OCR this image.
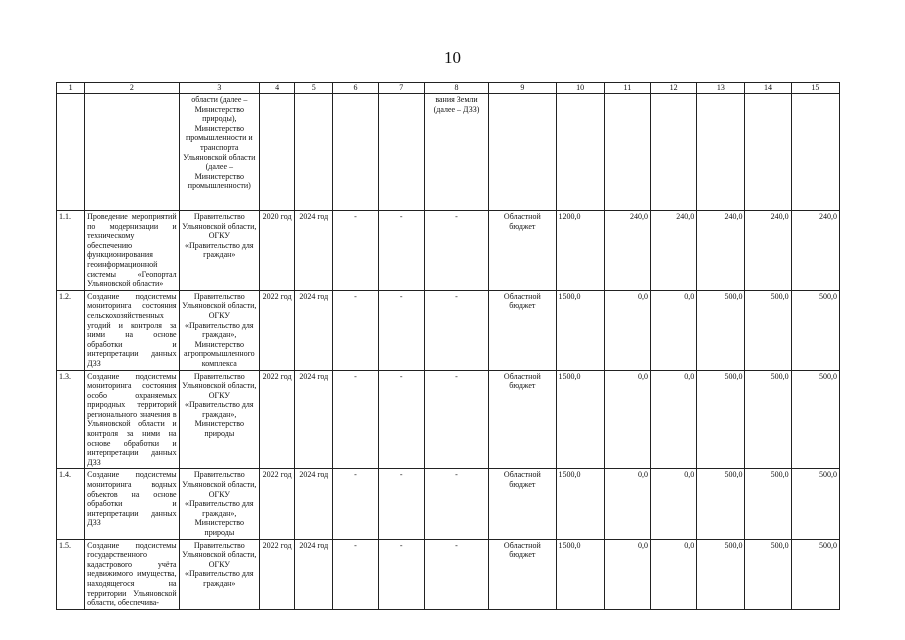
10
1	2	3	4	5	6	7	8	9	10	11	12	13	14	15
		области (далее – Министерство природы), Министерство промышленности и транспорта Ульяновской области (далее – Министерство промышленности)					вания Земли (далее – ДЗЗ)							
1.1.	Проведение мероприятий по модернизации и техническому обеспечению функционирования геоинформационной системы «Геопортал Ульяновской области»	Правительство Ульяновской области, ОГКУ «Правительство для граждан»	2020 год	2024 год	-	-	-	Областной бюджет	1200,0	240,0	240,0	240,0	240,0	240,0
1.2.	Создание подсистемы мониторинга состояния сельскохозяйственных угодий и контроля за ними на основе обработки и интерпретации данных ДЗЗ	Правительство Ульяновской области, ОГКУ «Правительство для граждан», Министерство агропромышленного комплекса	2022 год	2024 год	-	-	-	Областной бюджет	1500,0	0,0	0,0	500,0	500,0	500,0
1.3.	Создание подсистемы мониторинга состояния особо охраняемых природных территорий регионального значения в Ульяновской области и контроля за ними на основе обработки и интерпретации данных ДЗЗ	Правительство Ульяновской области, ОГКУ «Правительство для граждан», Министерство природы	2022 год	2024 год	-	-	-	Областной бюджет	1500,0	0,0	0,0	500,0	500,0	500,0
1.4.	Создание подсистемы мониторинга водных объектов на основе обработки и интерпретации данных ДЗЗ	Правительство Ульяновской области, ОГКУ «Правительство для граждан», Министерство природы	2022 год	2024 год	-	-	-	Областной бюджет	1500,0	0,0	0,0	500,0	500,0	500,0
1.5.	Создание подсистемы государственного кадастрового учёта недвижимого имущества, находящегося на территории Ульяновской области, обеспечива-	Правительство Ульяновской области, ОГКУ «Правительство для граждан»	2022 год	2024 год	-	-	-	Областной бюджет	1500,0	0,0	0,0	500,0	500,0	500,0
